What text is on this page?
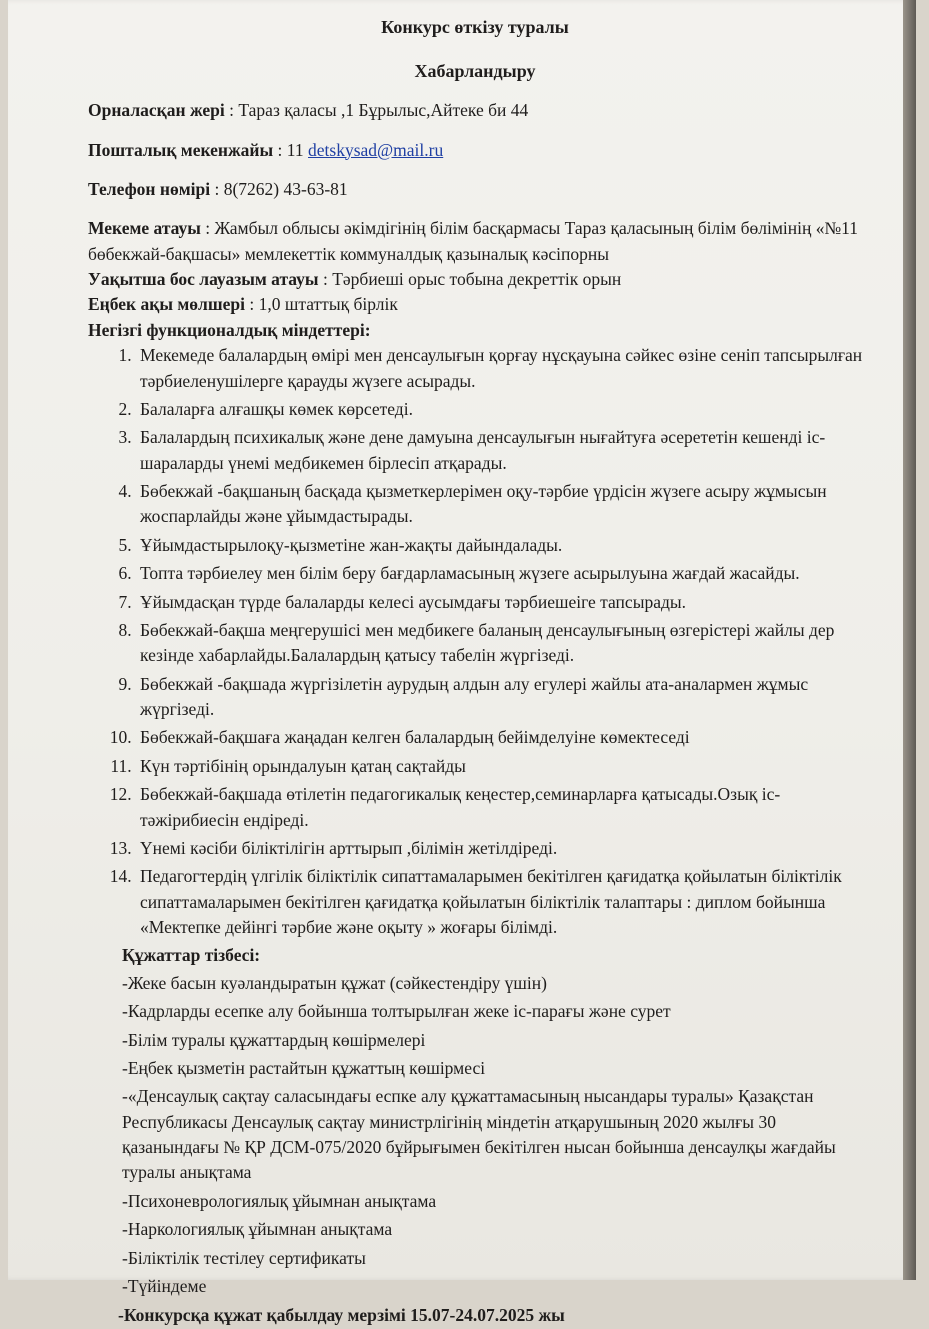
Конкурс өткізу туралы
Хабарландыру
Орналасқан жері : Тараз қаласы ,1 Бұрылыс,Айтеке би 44
Пошталық мекенжайы : 11 detskysad@mail.ru
Телефон нөмірі : 8(7262) 43-63-81
Мекеме атауы : Жамбыл облысы әкімдігінің білім басқармасы Тараз қаласының білім бөлімінің «№11 бөбекжай-бақшасы» мемлекеттік коммуналдық қазыналық кәсіпорны
Уақытша бос лауазым атауы : Тәрбиеші орыс тобына декреттік орын
Еңбек ақы мөлшері : 1,0 штаттық бірлік
Негізгі функционалдық міндеттері:
1. Мекемеде балалардың өмірі мен денсаулығын қорғау нұсқауына сәйкес өзіне сеніп тапсырылған тәрбиеленушілерге қарауды жүзеге асырады.
2. Балаларға алғашқы көмек көрсетеді.
3. Балалардың психикалық және дене дамуына денсаулығын нығайтуға әсерететін кешенді іс-шараларды үнемі медбикемен бірлесіп атқарады.
4. Бөбекжай -бақшаның басқада қызметкерлерімен оқу-тәрбие үрдісін жүзеге асыру жұмысын жоспарлайды және ұйымдастырады.
5. Ұйымдастырылоқу-қызметіне жан-жақты дайындалады.
6. Топта тәрбиелеу мен білім беру бағдарламасының жүзеге асырылуына жағдай жасайды.
7. Ұйымдасқан түрде балаларды келесі аусымдағы тәрбиешеіге тапсырады.
8. Бөбекжай-бақша меңгерушісі мен медбикеге баланың денсаулығының өзгерістері жайлы дер кезінде хабарлайды.Балалардың қатысу табелін жүргізеді.
9. Бөбекжай -бақшада жүргізілетін аурудың алдын алу егулері жайлы ата-аналармен жұмыс жүргізеді.
10. Бөбекжай-бақшаға жаңадан келген балалардың бейімделуіне көмектеседі
11. Күн тәртібінің орындалуын қатаң сақтайды
12. Бөбекжай-бақшада өтілетін педагогикалық кеңестер,семинарларға қатысады.Озық іс-тәжірибиесін ендіреді.
13. Үнемі кәсіби біліктілігін арттырып ,білімін жетілдіреді.
14. Педагогтердің үлгілік біліктілік сипаттамаларымен бекітілген қағидатқа қойылатын біліктілік сипаттамаларымен бекітілген қағидатқа қойылатын біліктілік талаптары : диплом бойынша «Мектепке дейінгі тәрбие және оқыту » жоғары білімді.
Құжаттар тізбесі:
-Жеке басын куәландыратын құжат (сәйкестендіру үшін)
-Кадрларды есепке алу бойынша толтырылған жеке іс-парағы және сурет
-Білім туралы құжаттардың көшірмелері
-Еңбек қызметін растайтын құжаттың көшірмесі
-«Денсаулық сақтау саласындағы еспке алу құжаттамасының нысандары туралы» Қазақстан Республикасы Денсаулық сақтау министрлігінің міндетін атқарушының 2020 жылғы 30 қазанындағы № ҚР ДСМ-075/2020 бұйрығымен бекітілген нысан бойынша денсаулқы жағдайы туралы анықтама
-Психоневрологиялық ұйымнан анықтама
-Наркологиялық ұйымнан анықтама
-Біліктілік тестілеу сертификаты
-Түйіндеме
-Конкурсқа құжат қабылдау мерзімі 15.07-24.07.2025 жы
